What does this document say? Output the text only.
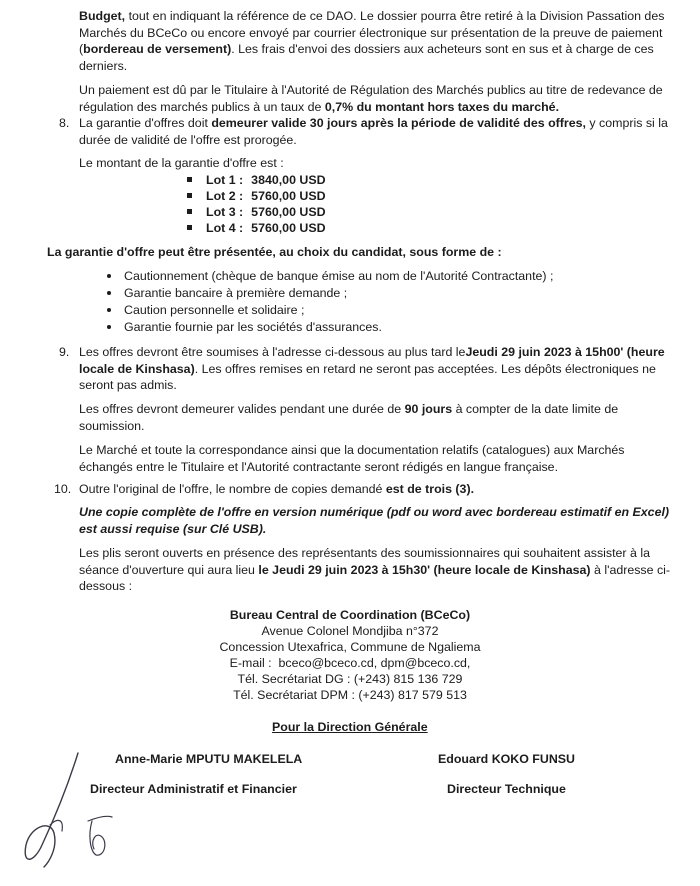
Budget, tout en indiquant la référence de ce DAO. Le dossier pourra être retiré à la Division Passation des
Marchés du BCeCo ou encore envoyé par courrier électronique sur présentation de la preuve de paiement
(bordereau de versement). Les frais d'envoi des dossiers aux acheteurs sont en sus et à charge de ces
derniers.
Un paiement est dû par le Titulaire à l'Autorité de Régulation des Marchés publics au titre de redevance de
régulation des marchés publics à un taux de 0,7% du montant hors taxes du marché.
8. La garantie d'offres doit demeurer valide 30 jours après la période de validité des offres, y compris si la
durée de validité de l'offre est prorogée.
Le montant de la garantie d'offre est :
Lot 1 : 3840,00 USD
Lot 2 : 5760,00 USD
Lot 3 : 5760,00 USD
Lot 4 : 5760,00 USD
La garantie d'offre peut être présentée, au choix du candidat, sous forme de :
Cautionnement (chèque de banque émise au nom de l'Autorité Contractante) ;
Garantie bancaire à première demande ;
Caution personnelle et solidaire ;
Garantie fournie par les sociétés d'assurances.
9. Les offres devront être soumises à l'adresse ci-dessous au plus tard leJeudi 29 juin 2023 à 15h00' (heure
locale de Kinshasa). Les offres remises en retard ne seront pas acceptées. Les dépôts électroniques ne
seront pas admis.
Les offres devront demeurer valides pendant une durée de 90 jours à compter de la date limite de
soumission.
Le Marché et toute la correspondance ainsi que la documentation relatifs (catalogues) aux Marchés
échangés entre le Titulaire et l'Autorité contractante seront rédigés en langue française.
10. Outre l'original de l'offre, le nombre de copies demandé est de trois (3).
Une copie complète de l'offre en version numérique (pdf ou word avec bordereau estimatif en Excel)
est aussi requise (sur Clé USB).
Les plis seront ouverts en présence des représentants des soumissionnaires qui souhaitent assister à la
séance d'ouverture qui aura lieu le Jeudi 29 juin 2023 à 15h30' (heure locale de Kinshasa) à l'adresse ci-
dessous :
Bureau Central de Coordination (BCeCo)
Avenue Colonel Mondjiba n°372
Concession Utexafrica, Commune de Ngaliema
E-mail : bceco@bceco.cd, dpm@bceco.cd,
Tél. Secrétariat DG : (+243) 815 136 729
Tél. Secrétariat DPM : (+243) 817 579 513
Pour la Direction Générale
Anne-Marie MPUTU MAKELELA
Directeur Administratif et Financier
Edouard KOKO FUNSU
Directeur Technique
